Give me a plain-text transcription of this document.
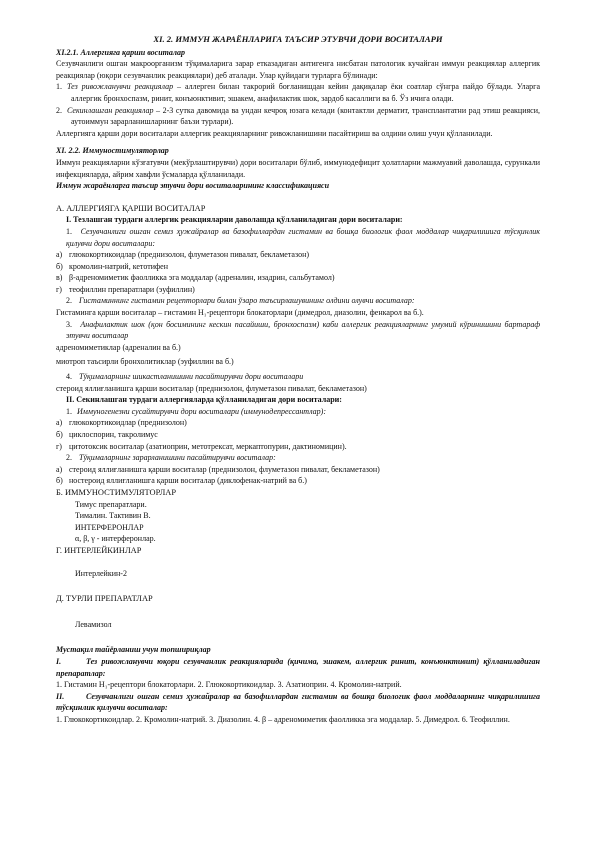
XI. 2. ИММУН ЖАРАЁНЛАРИГА ТАЪСИР ЭТУВЧИ ДОРИ ВОСИТАЛАРИ

XI.2.1. Аллергияга қарши воситалар

Сезувчанлиги ошган макроорганизм тўқималарига зарар етказадиган антигенга нисбатан патологик кучайган иммун реакциялар аллергик реакциялар (юқори сезувчанлик реакциялари) деб аталади. Улар қуйидаги турларга бўлинади:

1. Тез ривожланувчи реакциялар – аллерген билан такрорий боғланишдан кейин дақиқалар ёки соатлар сўнгра пайдо бўлади. Уларга аллергик бронхоспазм, ринит, конъюнктивит, эшакем, анафилактик шок, зардоб касаллиги ва б. Ўз ичига олади.

2. Секинлашган реакциялар – 2-3 сутка давомида ва ундан кечроқ юзага келади (контактли дерматит, трансплантатни рад этиш реакцияси, аутоиммун зарарланишларнинг баъзи турлари).

Аллергияга қарши дори воситалари аллергик реакцияларнинг ривожланишини пасайтириш ва олдини олиш учун қўлланилади.

XI. 2.2. Иммуностимуляторлар

Иммун реакцияларни кўзғатувчи (мекўрлаштирувчи) дори воситалари бўлиб, иммунодефицит ҳолатларни мажмуавий даволашда, сурункали инфекцияларда, айрим хавфли ўсмаларда қўлланилади.

Иммун жараёнларга таъсир этувчи дори воситаларининг классификацияси

А. АЛЛЕРГИЯГА ҚАРШИ ВОСИТАЛАР

I. Тезлашган турдаги аллергик реакцияларни даволашда қўлланиладиган дори воситалари:

1. Сезувчанлиги ошган семиз ҳужайралар ва базофиллардан гистамин ва бошқа биологик фаол моддалар чиқарилишига тўсқинлик қилувчи дори воситалари:

а) глюкокортикоидлар (преднизолон, флуметазон пивалат, бекламетазон)

б) кромолин-натрий, кетотифен

в) β-адреномиметик фаолликка эга моддалар (адреналин, изадрин, сальбутамол)

г) теофиллин препаратлари (эуфиллин)

2. Гистаминнинг гистамин рецепторлари билан ўзаро таъсирлашувининг олдини олувчи воситалар:

Гистаминга қарши воситалар – гистамин H₁-рецептори блокаторлари (димедрол, диазолин, фенкарол ва б.).

3. Анафилактик шок (қон босимининг кескин пасайиши, бронхоспазм) каби аллергик реакцияларнинг умумий кўринишини бартараф этувчи воситалар

адреномиметиклар (адреналин ва б.)

миотроп таъсирли бронхолитиклар (эуфиллин ва б.)

4. Тўқималарнинг шикастланишини пасайтирувчи дори воситалари

стероид яллиғланишга қарши воситалар (преднизолон, флуметазон пивалат, бекламетазон)

II. Секинлашган турдаги аллергияларда қўлланиладиган дори воситалари:

1. Иммуногенезни сусайтирувчи дори воситалари (иммунодепрессантлар):

а) глюкокортикоидлар (преднизолон)

б) циклоспорин, такролимус

г) цитотоксик воситалар (азатиоприн, метотрексат, меркаптопурин, дактиномицин).

2. Тўқималарнинг зарарланишини пасайтирувчи воситалар:

а) стероид яллиғланишга қарши воситалар (преднизолон, флуметазон пивалат, бекламетазон)

б) ностероид яллиғланишга қарши воситалар (диклофенак-натрий ва б.)

Б. ИММУНОСТИМУЛЯТОРЛАР

Тимус препаратлари.

Тималин. Тактивин В.

ИНТЕРФЕРОНЛАР

α, β, γ - интерферонлар.

Г. ИНТЕРЛЕЙКИНЛАР

Интерлейкин-2

Д. ТУРЛИ ПРЕПАРАТЛАР

Левамизол

Мустақил тайёрланиш учун топшириқлар

I.	Тез ривожланувчи юқори сезувчанлик реакцияларида (қичима, эшакем, аллергик ринит, конъюнктивит) қўлланиладиган препаратлар:

1. Гистамин H₁-рецептори блокаторлари. 2. Глюкокортикоидлар. 3. Азатиоприн. 4. Кромолин-натрий.

II.	Сезувчанлиги ошган семиз ҳужайралар ва базофиллардан гистамин ва бошқа биологик фаол моддаларнинг чиқарилишига тўсқинлик қилувчи воситалар:

1. Глюкокортикоидлар. 2. Кромолин-натрий. 3. Диазолин. 4. β – адреномиметик фаолликка эга моддалар. 5. Димедрол. 6. Теофиллин.
